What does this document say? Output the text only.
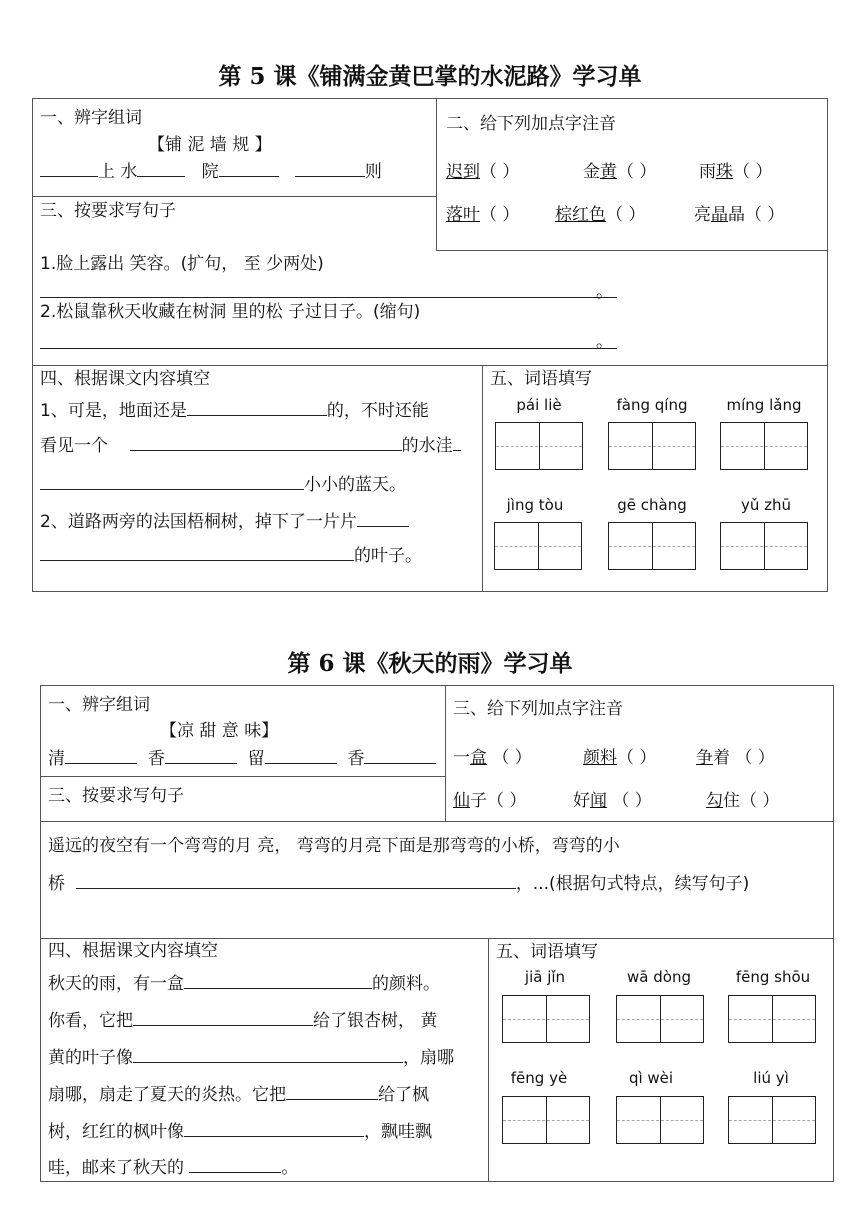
第 5 课《铺满金黄巴掌的水泥路》学习单
一、辨字组词
【铺 泥 墙 规 】
上 水	院	则
二、给下列加点字注音
迟到（ ）	金黄（ ）	雨珠（ ）
落叶（ ） 棕红色（ ）	亮晶晶（ ）
三、按要求写句子
1.脸上露出 笑容。(扩句， 至 少两处)
。
2.松鼠靠秋天收藏在树洞 里的松 子过日子。(缩句)
。
四、根据课文内容填空
1、可是，地面还是	的，不时还能
看见一个	的水洼
小小的蓝天。
2、道路两旁的法国梧桐树，掉下了一片片
的叶子。
五、词语填写
pái liè	fàng qíng	míng lǎng
jìng tòu	gē chàng	yǔ zhū
第 6 课《秋天的雨》学习单
一、辨字组词
【凉 甜 意 味】
清	香	留	香
三、给下列加点字注音
一盒 （ ）	颜料（ ） 争着 （ ）
仙子（ ）	好闻 （ ）	勾住（ ）
三、按要求写句子
遥远的夜空有一个弯弯的月 亮， 弯弯的月亮下面是那弯弯的小桥，弯弯的小
桥	，...(根据句式特点，续写句子)
四、根据课文内容填空
秋天的雨，有一盒	的颜料。
你看，它把	给了银杏树， 黄
黄的叶子像	，扇哪
扇哪，扇走了夏天的炎热。它把	给了枫
树，红红的枫叶像	，飘哇飘
哇，邮来了秋天的	。
五、词语填写
jiā jǐn	wā dòng	fēng shōu
fēng yè	qì wèi	liú yì
